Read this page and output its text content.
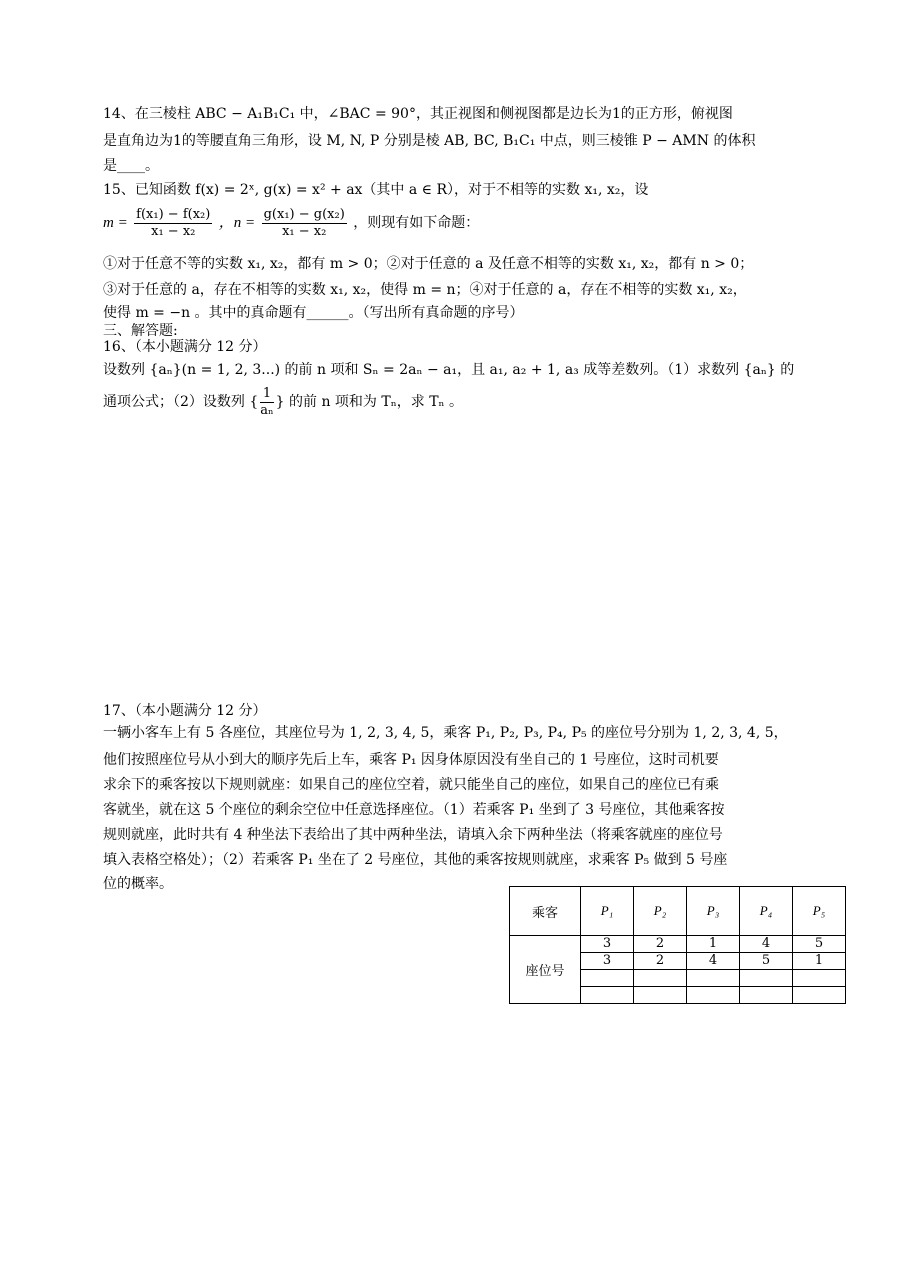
14、在三棱柱 ABC − A₁B₁C₁ 中，∠BAC = 90°，其正视图和侧视图都是边长为1的正方形，俯视图
是直角边为1的等腰直角三角形，设 M, N, P 分别是棱 AB, BC, B₁C₁ 中点，则三棱锥 P − AMN 的体积
是____。
15、已知函数 f(x) = 2ˣ, g(x) = x² + ax（其中 a ∈ R），对于不相等的实数 x₁, x₂，设
$m = \frac{\text{f(x₁) − f(x₂)}}{\text{x₁ − x₂}}$ ，$n = \frac{\text{g(x₁) − g(x₂)}}{\text{x₁ − x₂}}$ ，则现有如下命题：
①对于任意不等的实数 x₁, x₂，都有 m > 0；②对于任意的 a 及任意不相等的实数 x₁, x₂，都有 n > 0；
③对于任意的 a，存在不相等的实数 x₁, x₂，使得 m = n；④对于任意的 a，存在不相等的实数 x₁, x₂，
使得 m = −n 。其中的真命题有______。（写出所有真命题的序号）
三、解答题:
16、（本小题满分 12 分）
设数列 {aₙ}(n = 1, 2, 3...) 的前 n 项和 Sₙ = 2aₙ − a₁，且 a₁, a₂ + 1, a₃ 成等差数列。（1）求数列 {aₙ} 的
通项公式；（2）设数列 { $\frac{1}{\text{aₙ}}$ } 的前 n 项和为 Tₙ，求 Tₙ 。
17、（本小题满分 12 分）
一辆小客车上有 5 各座位，其座位号为 1, 2, 3, 4, 5，乘客 P₁, P₂, P₃, P₄, P₅ 的座位号分别为 1, 2, 3, 4, 5，
他们按照座位号从小到大的顺序先后上车，乘客 P₁ 因身体原因没有坐自己的 1 号座位，这时司机要
求余下的乘客按以下规则就座：如果自己的座位空着，就只能坐自己的座位，如果自己的座位已有乘
客就坐，就在这 5 个座位的剩余空位中任意选择座位。（1）若乘客 P₁ 坐到了 3 号座位，其他乘客按
规则就座，此时共有 4 种坐法下表给出了其中两种坐法，请填入余下两种坐法（将乘客就座的座位号
填入表格空格处）；（2）若乘客 P₁ 坐在了 2 号座位，其他的乘客按规则就座，求乘客 P₅ 做到 5 号座
位的概率。
乘客	P₁	P₂	P₃	P₄	P₅
座位号	3	2	1	4	5
	3	2	4	5	1
